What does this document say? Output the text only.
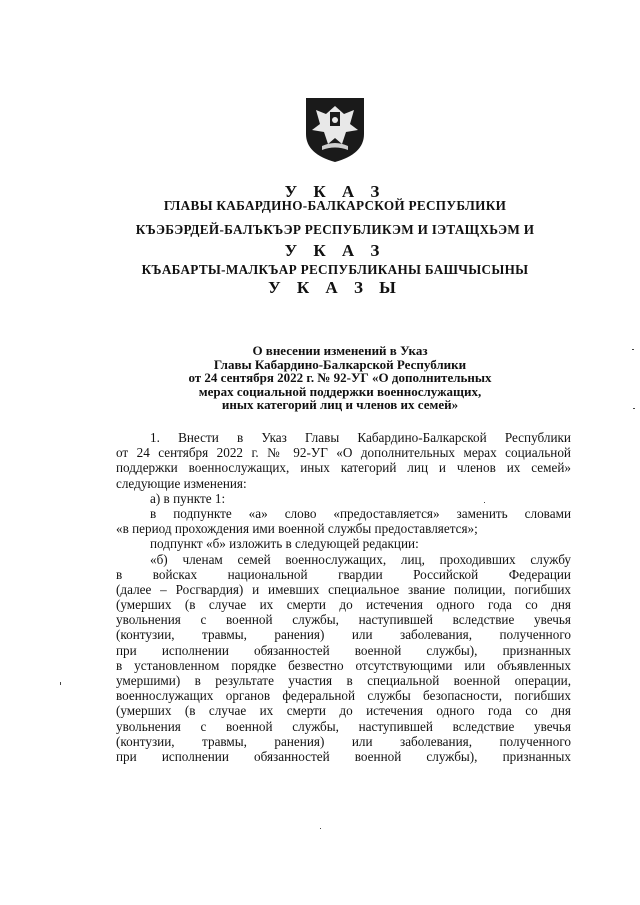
У К А З
ГЛАВЫ КАБАРДИНО-БАЛКАРСКОЙ РЕСПУБЛИКИ
КЪЭБЭРДЕЙ-БАЛЪКЪЭР РЕСПУБЛИКЭМ И ІЭТАЩХЬЭМ И
У К А З
КЪАБАРТЫ-МАЛКЪАР РЕСПУБЛИКАНЫ БАШЧЫСЫНЫ
У К А З Ы
О внесении изменений в Указ
Главы Кабардино-Балкарской Республики
от 24 сентября 2022 г. № 92-УГ «О дополнительных
мерах социальной поддержки военнослужащих,
иных категорий лиц и членов их семей»
1. Внести в Указ Главы Кабардино-Балкарской Республики
от 24 сентября 2022 г. № 92-УГ «О дополнительных мерах социальной
поддержки военнослужащих, иных категорий лиц и членов их семей»
следующие изменения:
а) в пункте 1:
в подпункте «а» слово «предоставляется» заменить словами
«в период прохождения ими военной службы предоставляется»;
подпункт «б» изложить в следующей редакции:
«б) членам семей военнослужащих, лиц, проходивших службу
в войсках национальной гвардии Российской Федерации
(далее – Росгвардия) и имевших специальное звание полиции, погибших
(умерших (в случае их смерти до истечения одного года со дня
увольнения с военной службы, наступившей вследствие увечья
(контузии, травмы, ранения) или заболевания, полученного
при исполнении обязанностей военной службы), признанных
в установленном порядке безвестно отсутствующими или объявленных
умершими) в результате участия в специальной военной операции,
военнослужащих органов федеральной службы безопасности, погибших
(умерших (в случае их смерти до истечения одного года со дня
увольнения с военной службы, наступившей вследствие увечья
(контузии, травмы, ранения) или заболевания, полученного
при исполнении обязанностей военной службы), признанных
